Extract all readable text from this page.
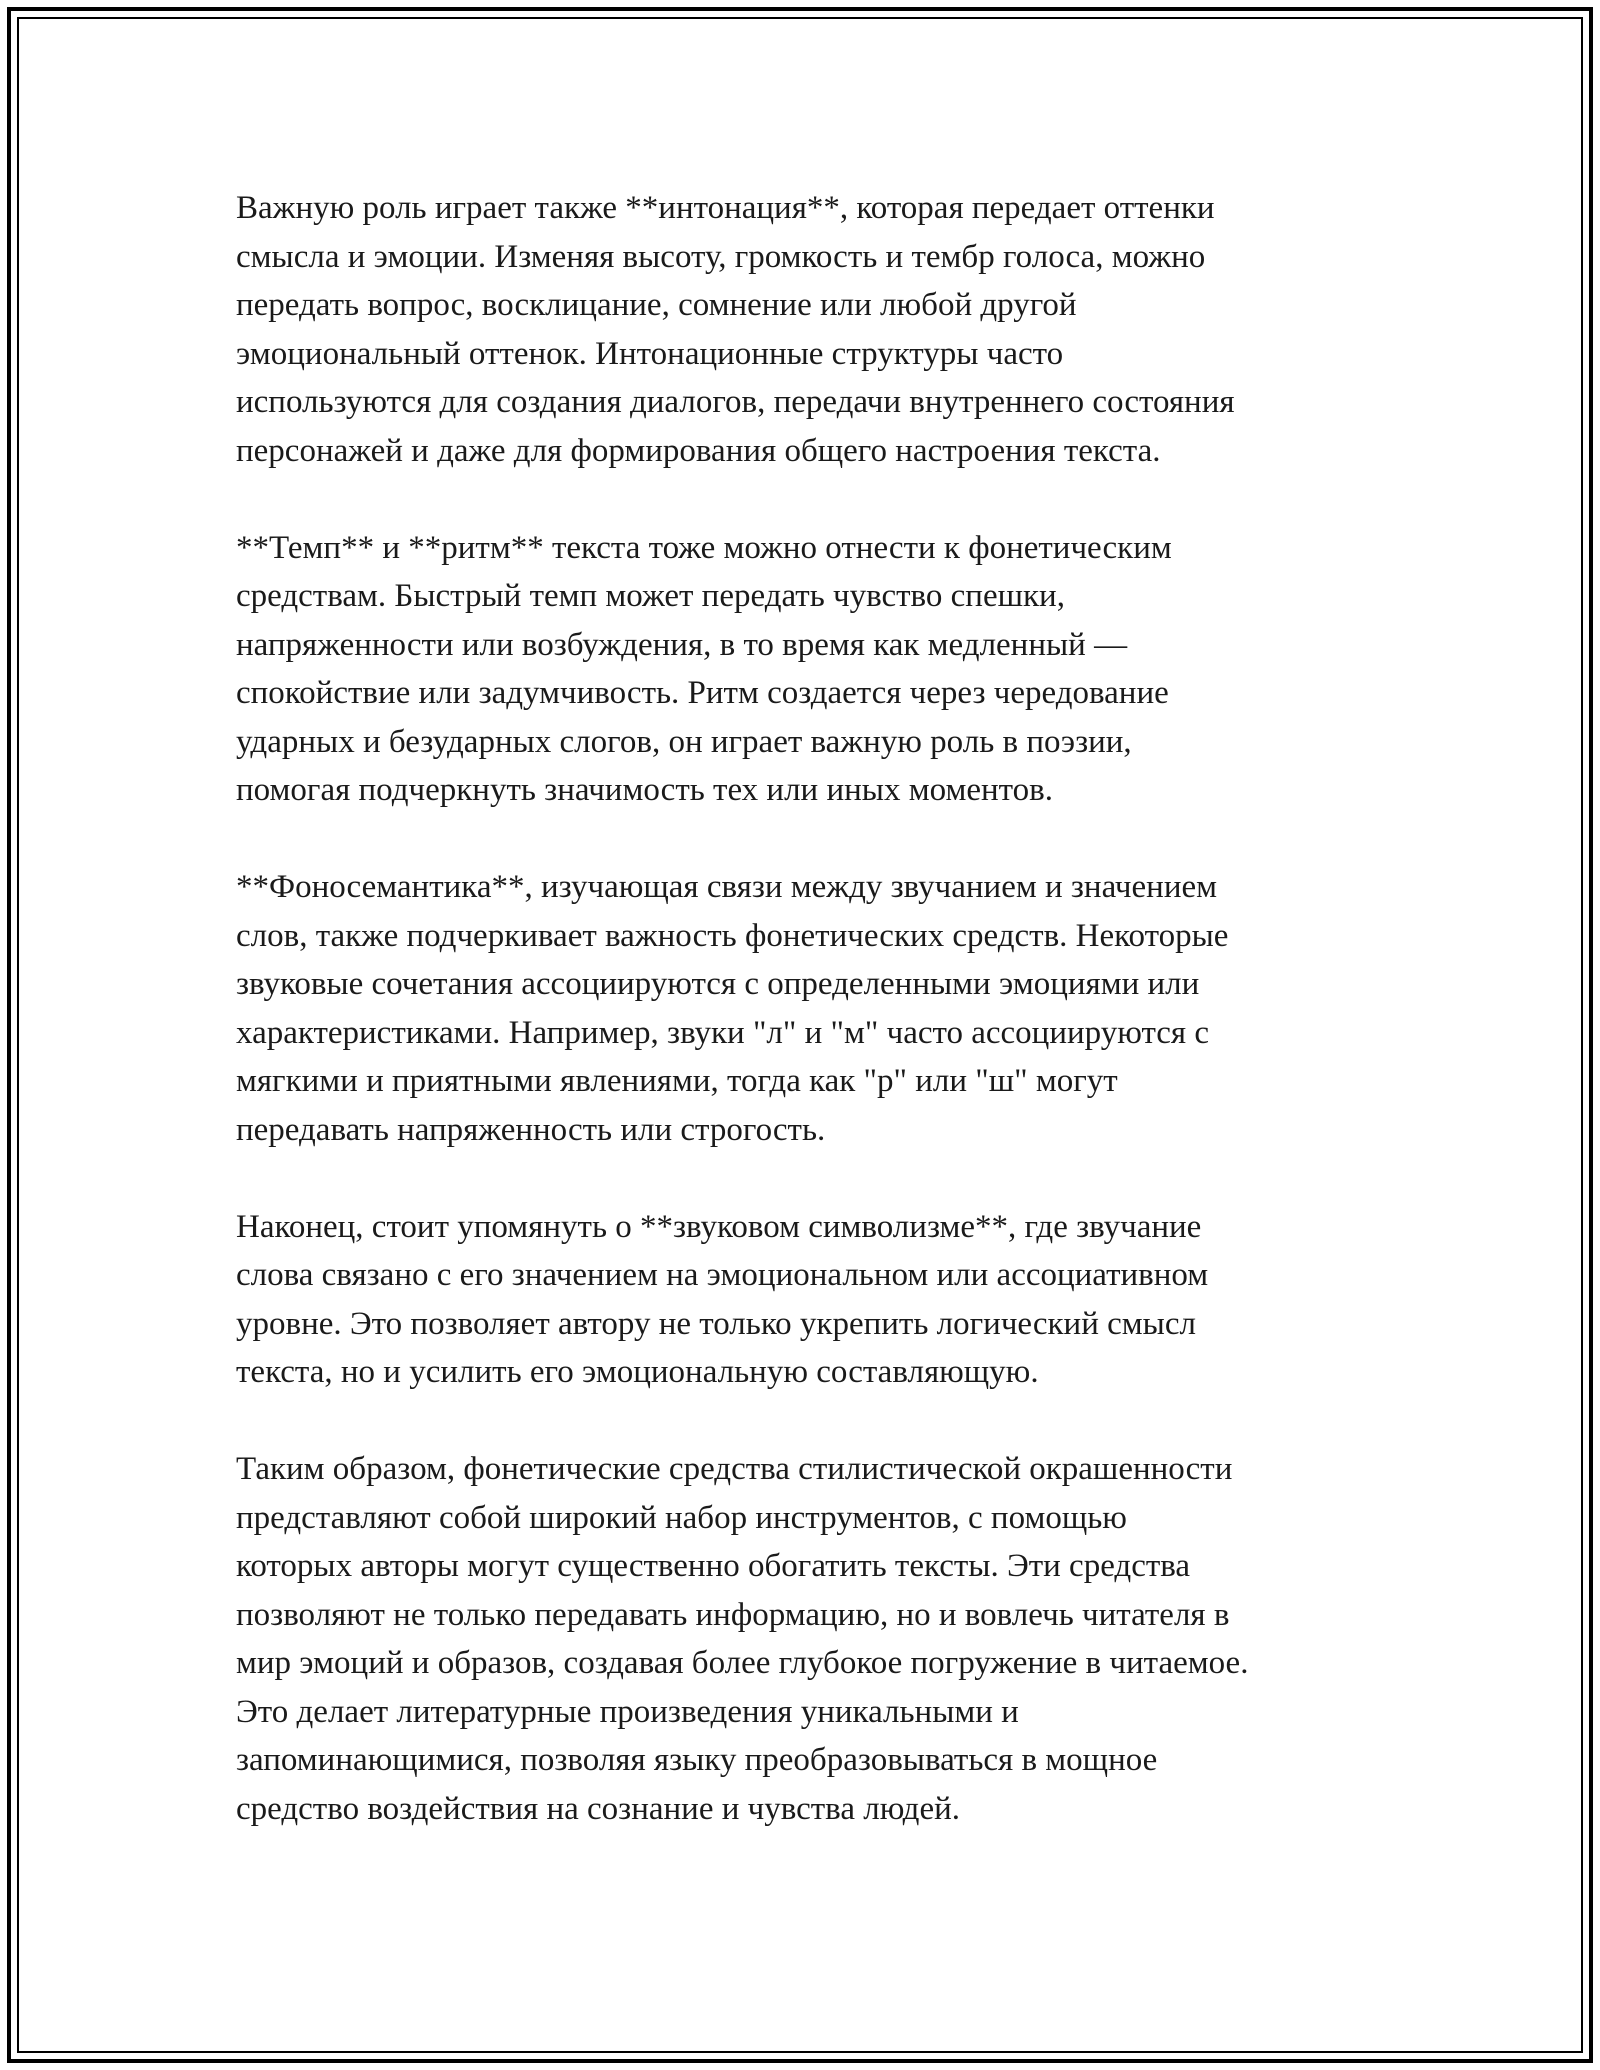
Важную роль играет также **интонация**, которая передает оттенки
смысла и эмоции. Изменяя высоту, громкость и тембр голоса, можно
передать вопрос, восклицание, сомнение или любой другой
эмоциональный оттенок. Интонационные структуры часто
используются для создания диалогов, передачи внутреннего состояния
персонажей и даже для формирования общего настроения текста.

**Темп** и **ритм** текста тоже можно отнести к фонетическим
средствам. Быстрый темп может передать чувство спешки,
напряженности или возбуждения, в то время как медленный —
спокойствие или задумчивость. Ритм создается через чередование
ударных и безударных слогов, он играет важную роль в поэзии,
помогая подчеркнуть значимость тех или иных моментов.

**Фоносемантика**, изучающая связи между звучанием и значением
слов, также подчеркивает важность фонетических средств. Некоторые
звуковые сочетания ассоциируются с определенными эмоциями или
характеристиками. Например, звуки "л" и "м" часто ассоциируются с
мягкими и приятными явлениями, тогда как "р" или "ш" могут
передавать напряженность или строгость.

Наконец, стоит упомянуть о **звуковом символизме**, где звучание
слова связано с его значением на эмоциональном или ассоциативном
уровне. Это позволяет автору не только укрепить логический смысл
текста, но и усилить его эмоциональную составляющую.

Таким образом, фонетические средства стилистической окрашенности
представляют собой широкий набор инструментов, с помощью
которых авторы могут существенно обогатить тексты. Эти средства
позволяют не только передавать информацию, но и вовлечь читателя в
мир эмоций и образов, создавая более глубокое погружение в читаемое.
Это делает литературные произведения уникальными и
запоминающимися, позволяя языку преобразовываться в мощное
средство воздействия на сознание и чувства людей.
